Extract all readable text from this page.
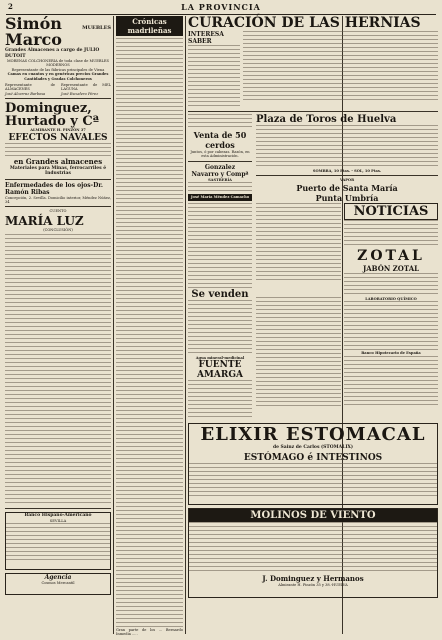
2	LA PROVINCIA
Simón Marco
MUEBLES
Grandes Almacenes a cargo de JULIO DUTOIT
MORENAS COLCHONERIA de toda clase de MUEBLES MODERNOS
Representante de las fábricas principales de Viena
Camas en cuantos y en genéricas precios Grandes Cantidades y Gradas Colchoneros
Representante de ALMACENES
José Alcarraz Barbosa
Representante de MEL LAGUNA
José Escudero Pérez
Dominguez, Hurtado y Cª
ALMIRANTE H. PINZÓN 37
EFECTOS NAVALES
en Grandes almacenes
Materiales para Minas, ferrocarriles é Industrias
Enfermedades de los ojos-Dr. Ramón Ribas
Concepción, 2. Sevilla. Domicilio interior, Méndez Núñez, 34
CUENTO
MARÍA LUZ
(CONCLUSIÓN)
Banco Hispano-Americano
SEVILLA
Agencia
Cosmos Mercantil
Crónicas madrileñas
Gran parte de los ... Bernardo Inmedia .....
CURACIÓN DE LAS HERNIAS
INTERESA SABER
Venta de 50 cerdos
Juntos, ó por cabezas. Razón, en esta Administración.
Gonzalez
Navarro y Compª
SASTRERÍA
José María Méndez Camacho
Se venden
Agua mineral-medicinal
FUENTE AMARGA
Plaza de Toros de Huelva
SOMBRA, 10 Ptas. - SOL, 10 Ptas.
VAPOR
Puerto de Santa María
Punta Umbría
NOTICIAS
ZOTAL
JABÓN ZOTAL
LABORATORIO QUÍMICO
Banco Hipotecario de España
ELIXIR ESTOMACAL
de Sainz de Carlos (STOMALIX)
ESTÓMAGO é INTESTINOS
MOLINOS DE VIENTO
J. Dominguez y Hermanos
Almirante H. Pinzón 35 y 38.-HUELVA
